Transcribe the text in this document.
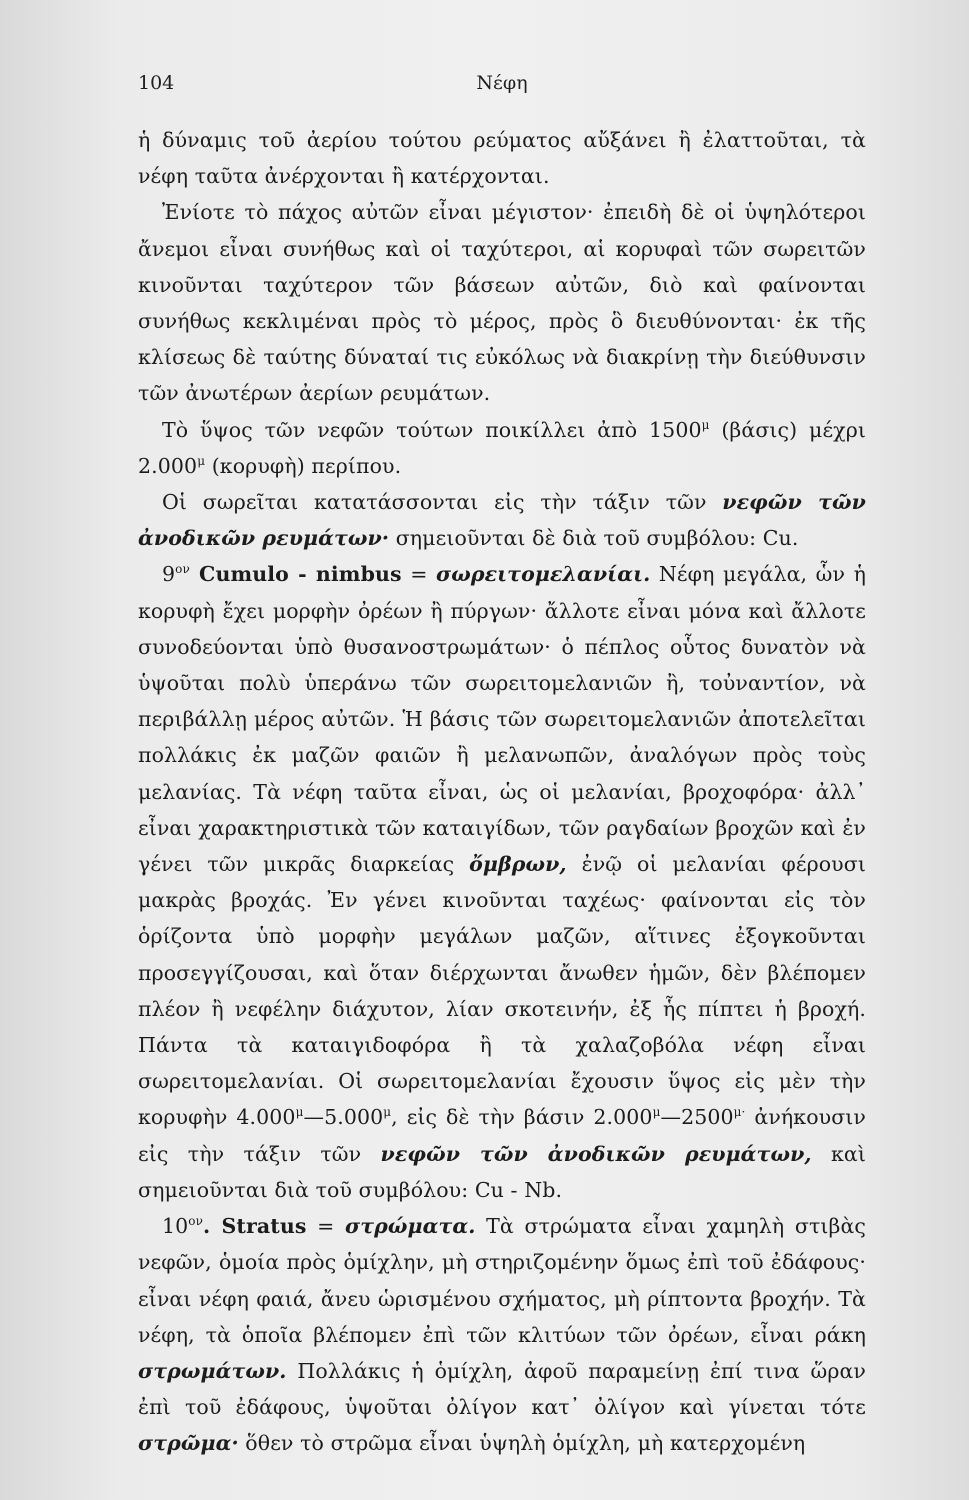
104	Νέφη

ἡ δύναμις τοῦ ἀερίου τούτου ρεύματος αὔξάνει ἢ ἐλαττοῦται, τὰ νέφη ταῦτα ἀνέρχονται ἢ κατέρχονται.

Ἐνίοτε τὸ πάχος αὐτῶν εἶναι μέγιστον· ἐπειδὴ δὲ οἱ ὑψηλότεροι ἄνεμοι εἶναι συνήθως καὶ οἱ ταχύτεροι, αἱ κορυφαὶ τῶν σωρειτῶν κινοῦνται ταχύτερον τῶν βάσεων αὐτῶν, διὸ καὶ φαίνονται συνήθως κεκλιμέναι πρὸς τὸ μέρος, πρὸς ὃ διευθύνονται· ἐκ τῆς κλίσεως δὲ ταύτης δύναταί τις εὐκόλως νὰ διακρίνῃ τὴν διεύθυνσιν τῶν ἀνωτέρων ἀερίων ρευμάτων.

Τὸ ὕψος τῶν νεφῶν τούτων ποικίλλει ἀπὸ $1500^\mu$ (βάσις) μέχρι $2.000^\mu$ (κορυφὴ) περίπου.

Οἱ σωρεῖται κατατάσσονται εἰς τὴν τάξιν τῶν νεφῶν τῶν ἀνοδικῶν ρευμάτων· σημειοῦνται δὲ διὰ τοῦ συμβόλου: Cu.

$9^{o\nu}$ Cumulo - nimbus = σωρειτομελανίαι. Νέφη μεγάλα, ὧν ἡ κορυφὴ ἔχει μορφὴν ὀρέων ἢ πύργων· ἄλλοτε εἶναι μόνα καὶ ἄλλοτε συνοδεύονται ὑπὸ θυσανοστρωμάτων· ὁ πέπλος οὗτος δυνατὸν νὰ ὑψοῦται πολὺ ὑπεράνω τῶν σωρειτομελανιῶν ἢ, τοὐναντίον, νὰ περιβάλλῃ μέρος αὐτῶν. Ἡ βάσις τῶν σωρειτομελανιῶν ἀποτελεῖται πολλάκις ἐκ μαζῶν φαιῶν ἢ μελανωπῶν, ἀναλόγων πρὸς τοὺς μελανίας. Τὰ νέφη ταῦτα εἶναι, ὡς οἱ μελανίαι, βροχοφόρα· ἀλλ᾽ εἶναι χαρακτηριστικὰ τῶν καταιγίδων, τῶν ραγδαίων βροχῶν καὶ ἐν γένει τῶν μικρᾶς διαρκείας ὄμβρων, ἐνῷ οἱ μελανίαι φέρουσι μακρὰς βροχάς. Ἐν γένει κινοῦνται ταχέως· φαίνονται εἰς τὸν ὁρίζοντα ὑπὸ μορφὴν μεγάλων μαζῶν, αἵτινες ἐξογκοῦνται προσεγγίζουσαι, καὶ ὅταν διέρχωνται ἄνωθεν ἡμῶν, δὲν βλέπομεν πλέον ἢ νεφέλην διάχυτον, λίαν σκοτεινήν, ἐξ ἧς πίπτει ἡ βροχή. Πάντα τὰ καταιγιδοφόρα ἢ τὰ χαλαζοβόλα νέφη εἶναι σωρειτομελανίαι. Οἱ σωρειτομελανίαι ἔχουσιν ὕψος εἰς μὲν τὴν κορυφὴν $4.000^\mu—5.000^\mu$, εἰς δὲ τὴν βάσιν $2.000^\mu—2500^{\mu\cdot}$ ἀνήκουσιν εἰς τὴν τάξιν τῶν νεφῶν τῶν ἀνοδικῶν ρευμάτων, καὶ σημειοῦνται διὰ τοῦ συμβόλου: Cu - Nb.

$10^{o\nu}$. Stratus = στρώματα. Τὰ στρώματα εἶναι χαμηλὴ στιβὰς νεφῶν, ὁμοία πρὸς ὁμίχλην, μὴ στηριζομένην ὅμως ἐπὶ τοῦ ἐδάφους· εἶναι νέφη φαιά, ἄνευ ὡρισμένου σχήματος, μὴ ρίπτοντα βροχήν. Τὰ νέφη, τὰ ὁποῖα βλέπομεν ἐπὶ τῶν κλιτύων τῶν ὀρέων, εἶναι ράκη στρωμάτων. Πολλάκις ἡ ὁμίχλη, ἀφοῦ παραμείνῃ ἐπί τινα ὥραν ἐπὶ τοῦ ἐδάφους, ὑψοῦται ὀλίγον κατ᾽ ὀλίγον καὶ γίνεται τότε στρῶμα· ὅθεν τὸ στρῶμα εἶναι ὑψηλὴ ὁμίχλη, μὴ κατερχομένη
